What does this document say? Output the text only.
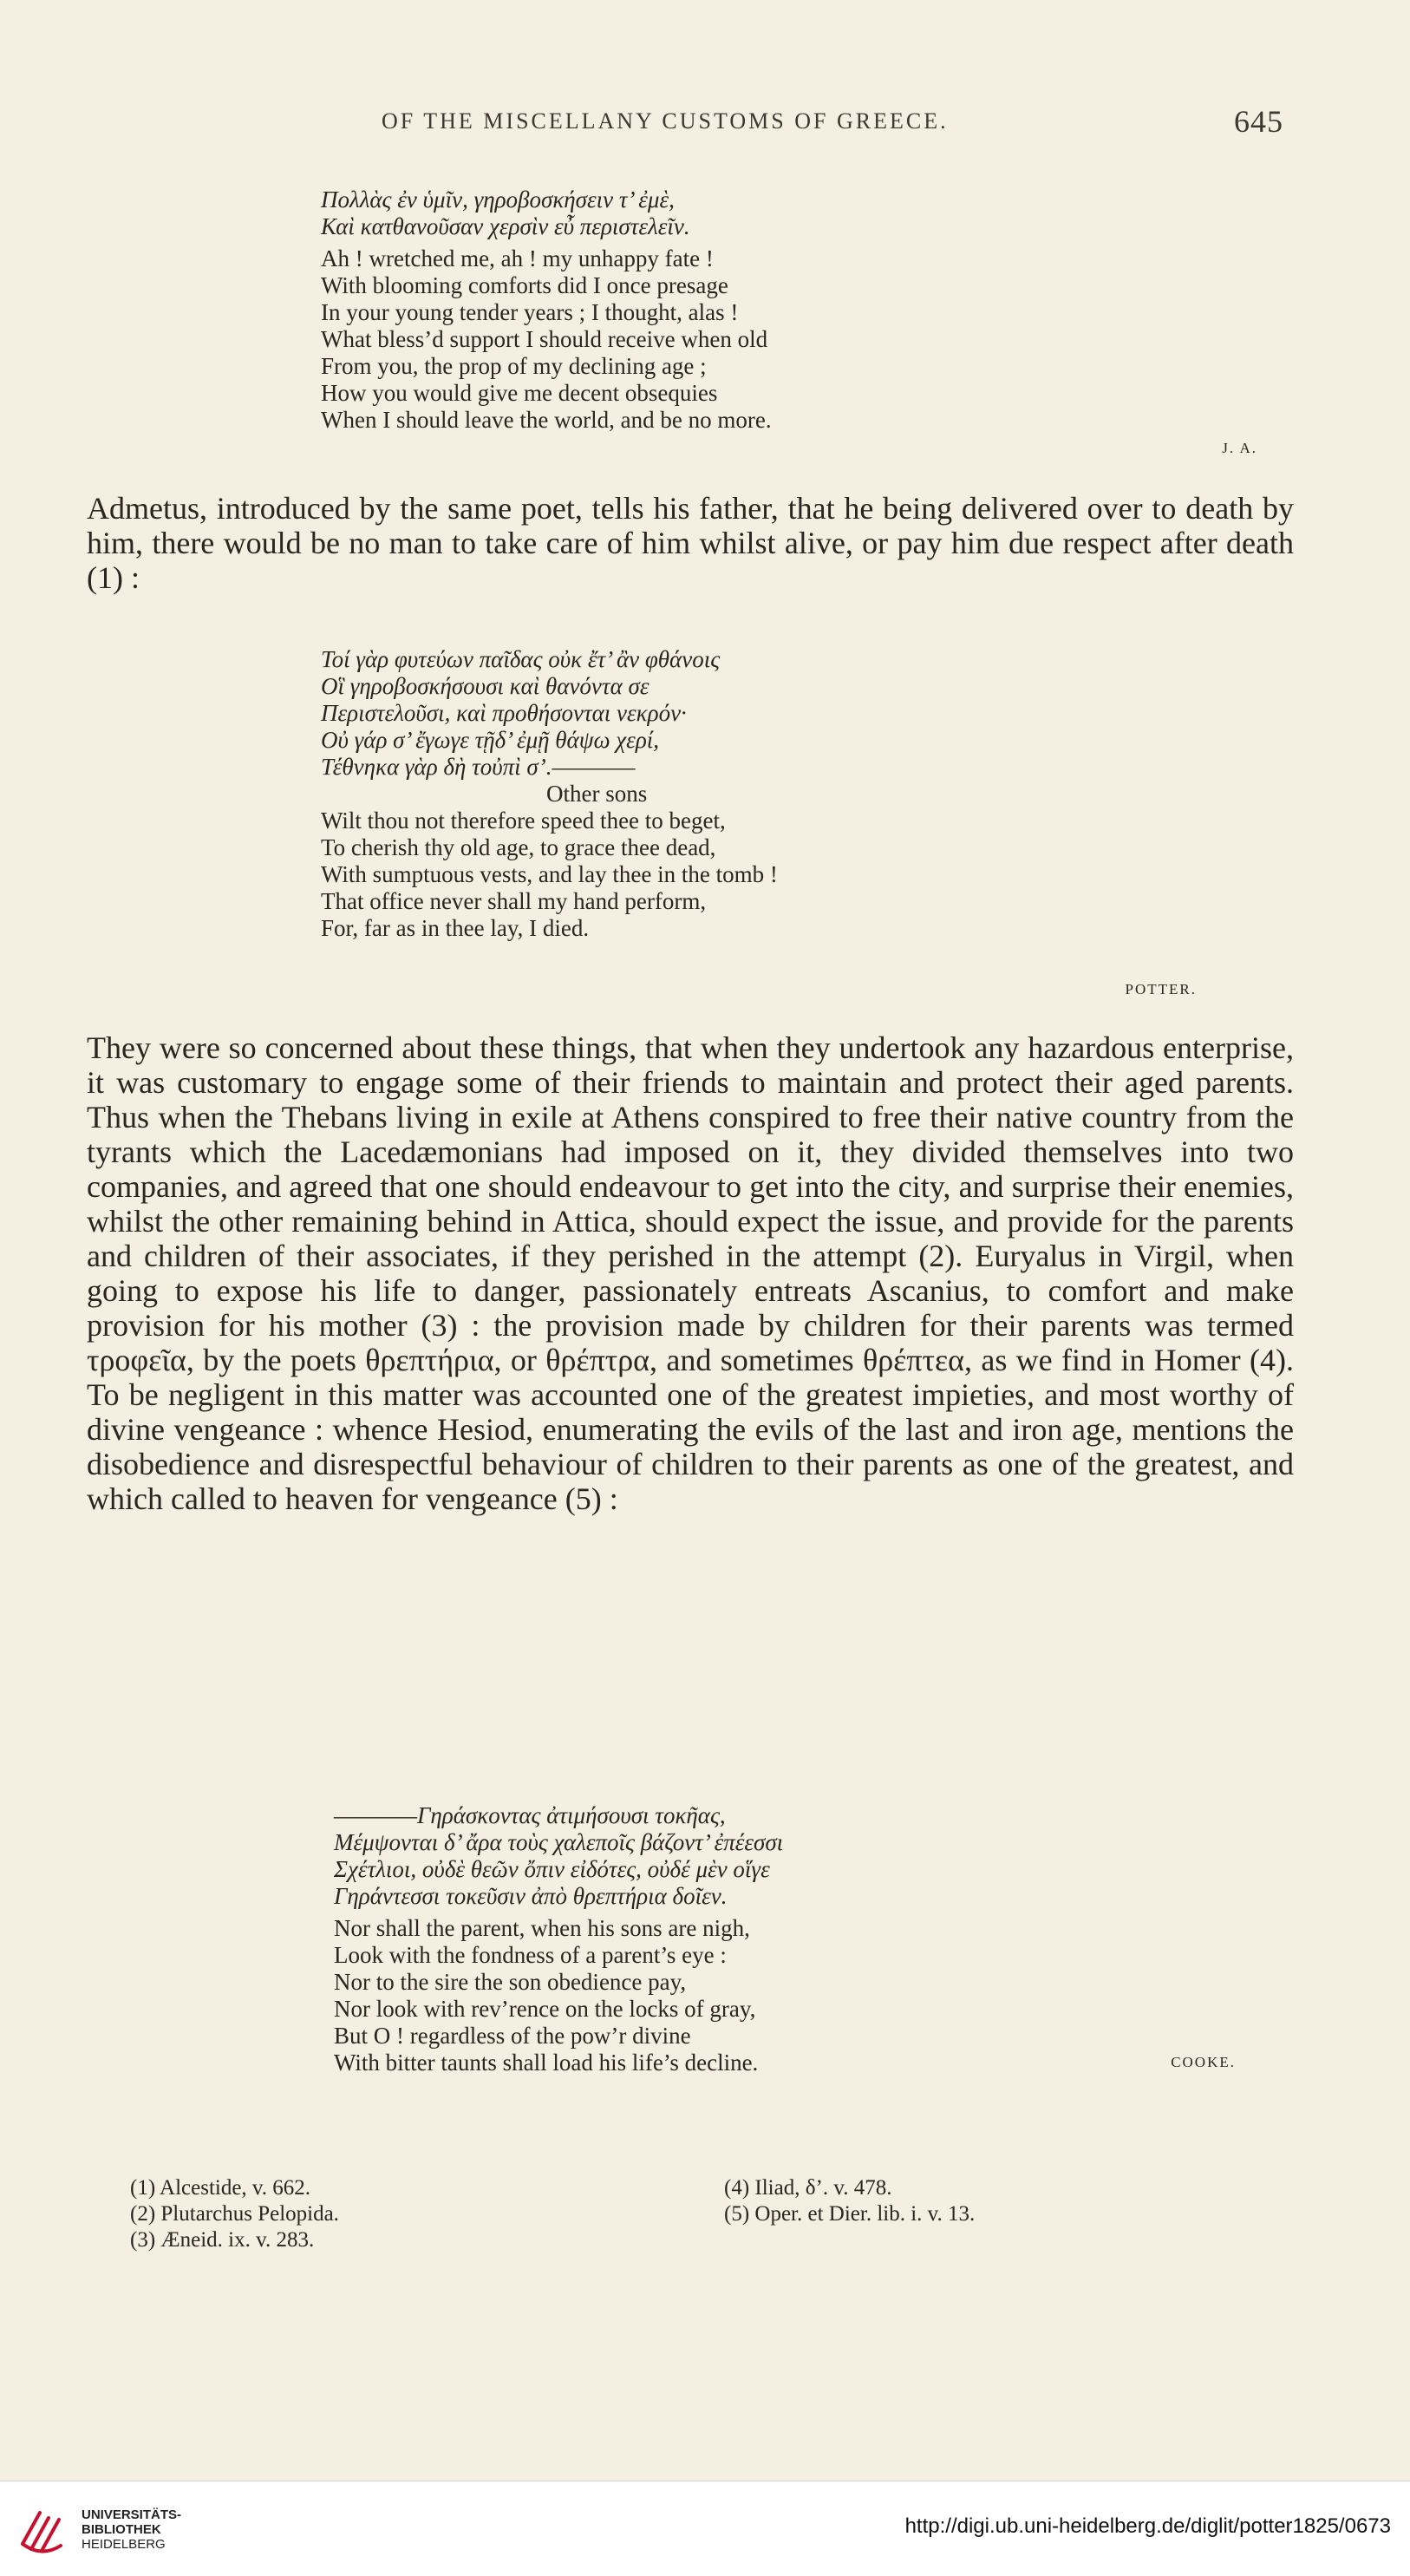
OF THE MISCELLANY CUSTOMS OF GREECE.	645
Πολλὰς ἐν ὑμῖν, γηροβοσκήσειν τ’ ἐμὲ,
Καὶ κατθανοῦσαν χερσὶν εὖ περιστελεῖν.
Ah ! wretched me, ah ! my unhappy fate !
With blooming comforts did I once presage
In your young tender years ; I thought, alas !
What bless’d support I should receive when old
From you, the prop of my declining age ;
How you would give me decent obsequies
When I should leave the world, and be no more.
J. A.

Admetus, introduced by the same poet, tells his father, that he being delivered over to death by him, there would be no man to take care of him whilst alive, or pay him due respect after death (1) :

Τοί γὰρ φυτεύων παῖδας οὐκ ἔτ’ ἂν φθάνοις
Οἳ γηροβοσκήσουσι καὶ θανόντα σε
Περιστελοῦσι, καὶ προθήσονται νεκρόν·
Οὐ γάρ σ’ ἔγωγε τῇδ’ ἐμῇ θάψω χερί,
Τέθνηκα γὰρ δὴ τοὐπὶ σ’.————
Other sons
Wilt thou not therefore speed thee to beget,
To cherish thy old age, to grace thee dead,
With sumptuous vests, and lay thee in the tomb !
That office never shall my hand perform,
For, far as in thee lay, I died.
POTTER.

They were so concerned about these things, that when they undertook any hazardous enterprise, it was customary to engage some of their friends to maintain and protect their aged parents. Thus when the Thebans living in exile at Athens conspired to free their native country from the tyrants which the Lacedæmonians had imposed on it, they divided themselves into two companies, and agreed that one should endeavour to get into the city, and surprise their enemies, whilst the other remaining behind in Attica, should expect the issue, and provide for the parents and children of their associates, if they perished in the attempt (2). Euryalus in Virgil, when going to expose his life to danger, passionately entreats Ascanius, to comfort and make provision for his mother (3) : the provision made by children for their parents was termed τροφεῖα, by the poets θρεπτήρια, or θρέπτρα, and sometimes θρέπτεα, as we find in Homer (4). To be negligent in this matter was accounted one of the greatest impieties, and most worthy of divine vengeance : whence Hesiod, enumerating the evils of the last and iron age, mentions the disobedience and disrespectful behaviour of children to their parents as one of the greatest, and which called to heaven for vengeance (5) :

————Γηράσκοντας ἀτιμήσουσι τοκῆας,
Μέμψονται δ’ ἄρα τοὺς χαλεποῖς βάζοντ’ ἐπέεσσι
Σχέτλιοι, οὐδὲ θεῶν ὄπιν εἰδότες, οὐδέ μὲν οἵγε
Γηράντεσσι τοκεῦσιν ἀπὸ θρεπτήρια δοῖεν.
Nor shall the parent, when his sons are nigh,
Look with the fondness of a parent’s eye :
Nor to the sire the son obedience pay,
Nor look with rev’rence on the locks of gray,
But O ! regardless of the pow’r divine
With bitter taunts shall load his life’s decline.	COOKE.
(1) Alcestide, v. 662.
(2) Plutarchus Pelopida.
(3) Æneid. ix. v. 283.
(4) Iliad, δ’. v. 478.
(5) Oper. et Dier. lib. i. v. 13.
UNIVERSITÄTS-
BIBLIOTHEK
HEIDELBERG
http://digi.ub.uni-heidelberg.de/diglit/potter1825/0673
